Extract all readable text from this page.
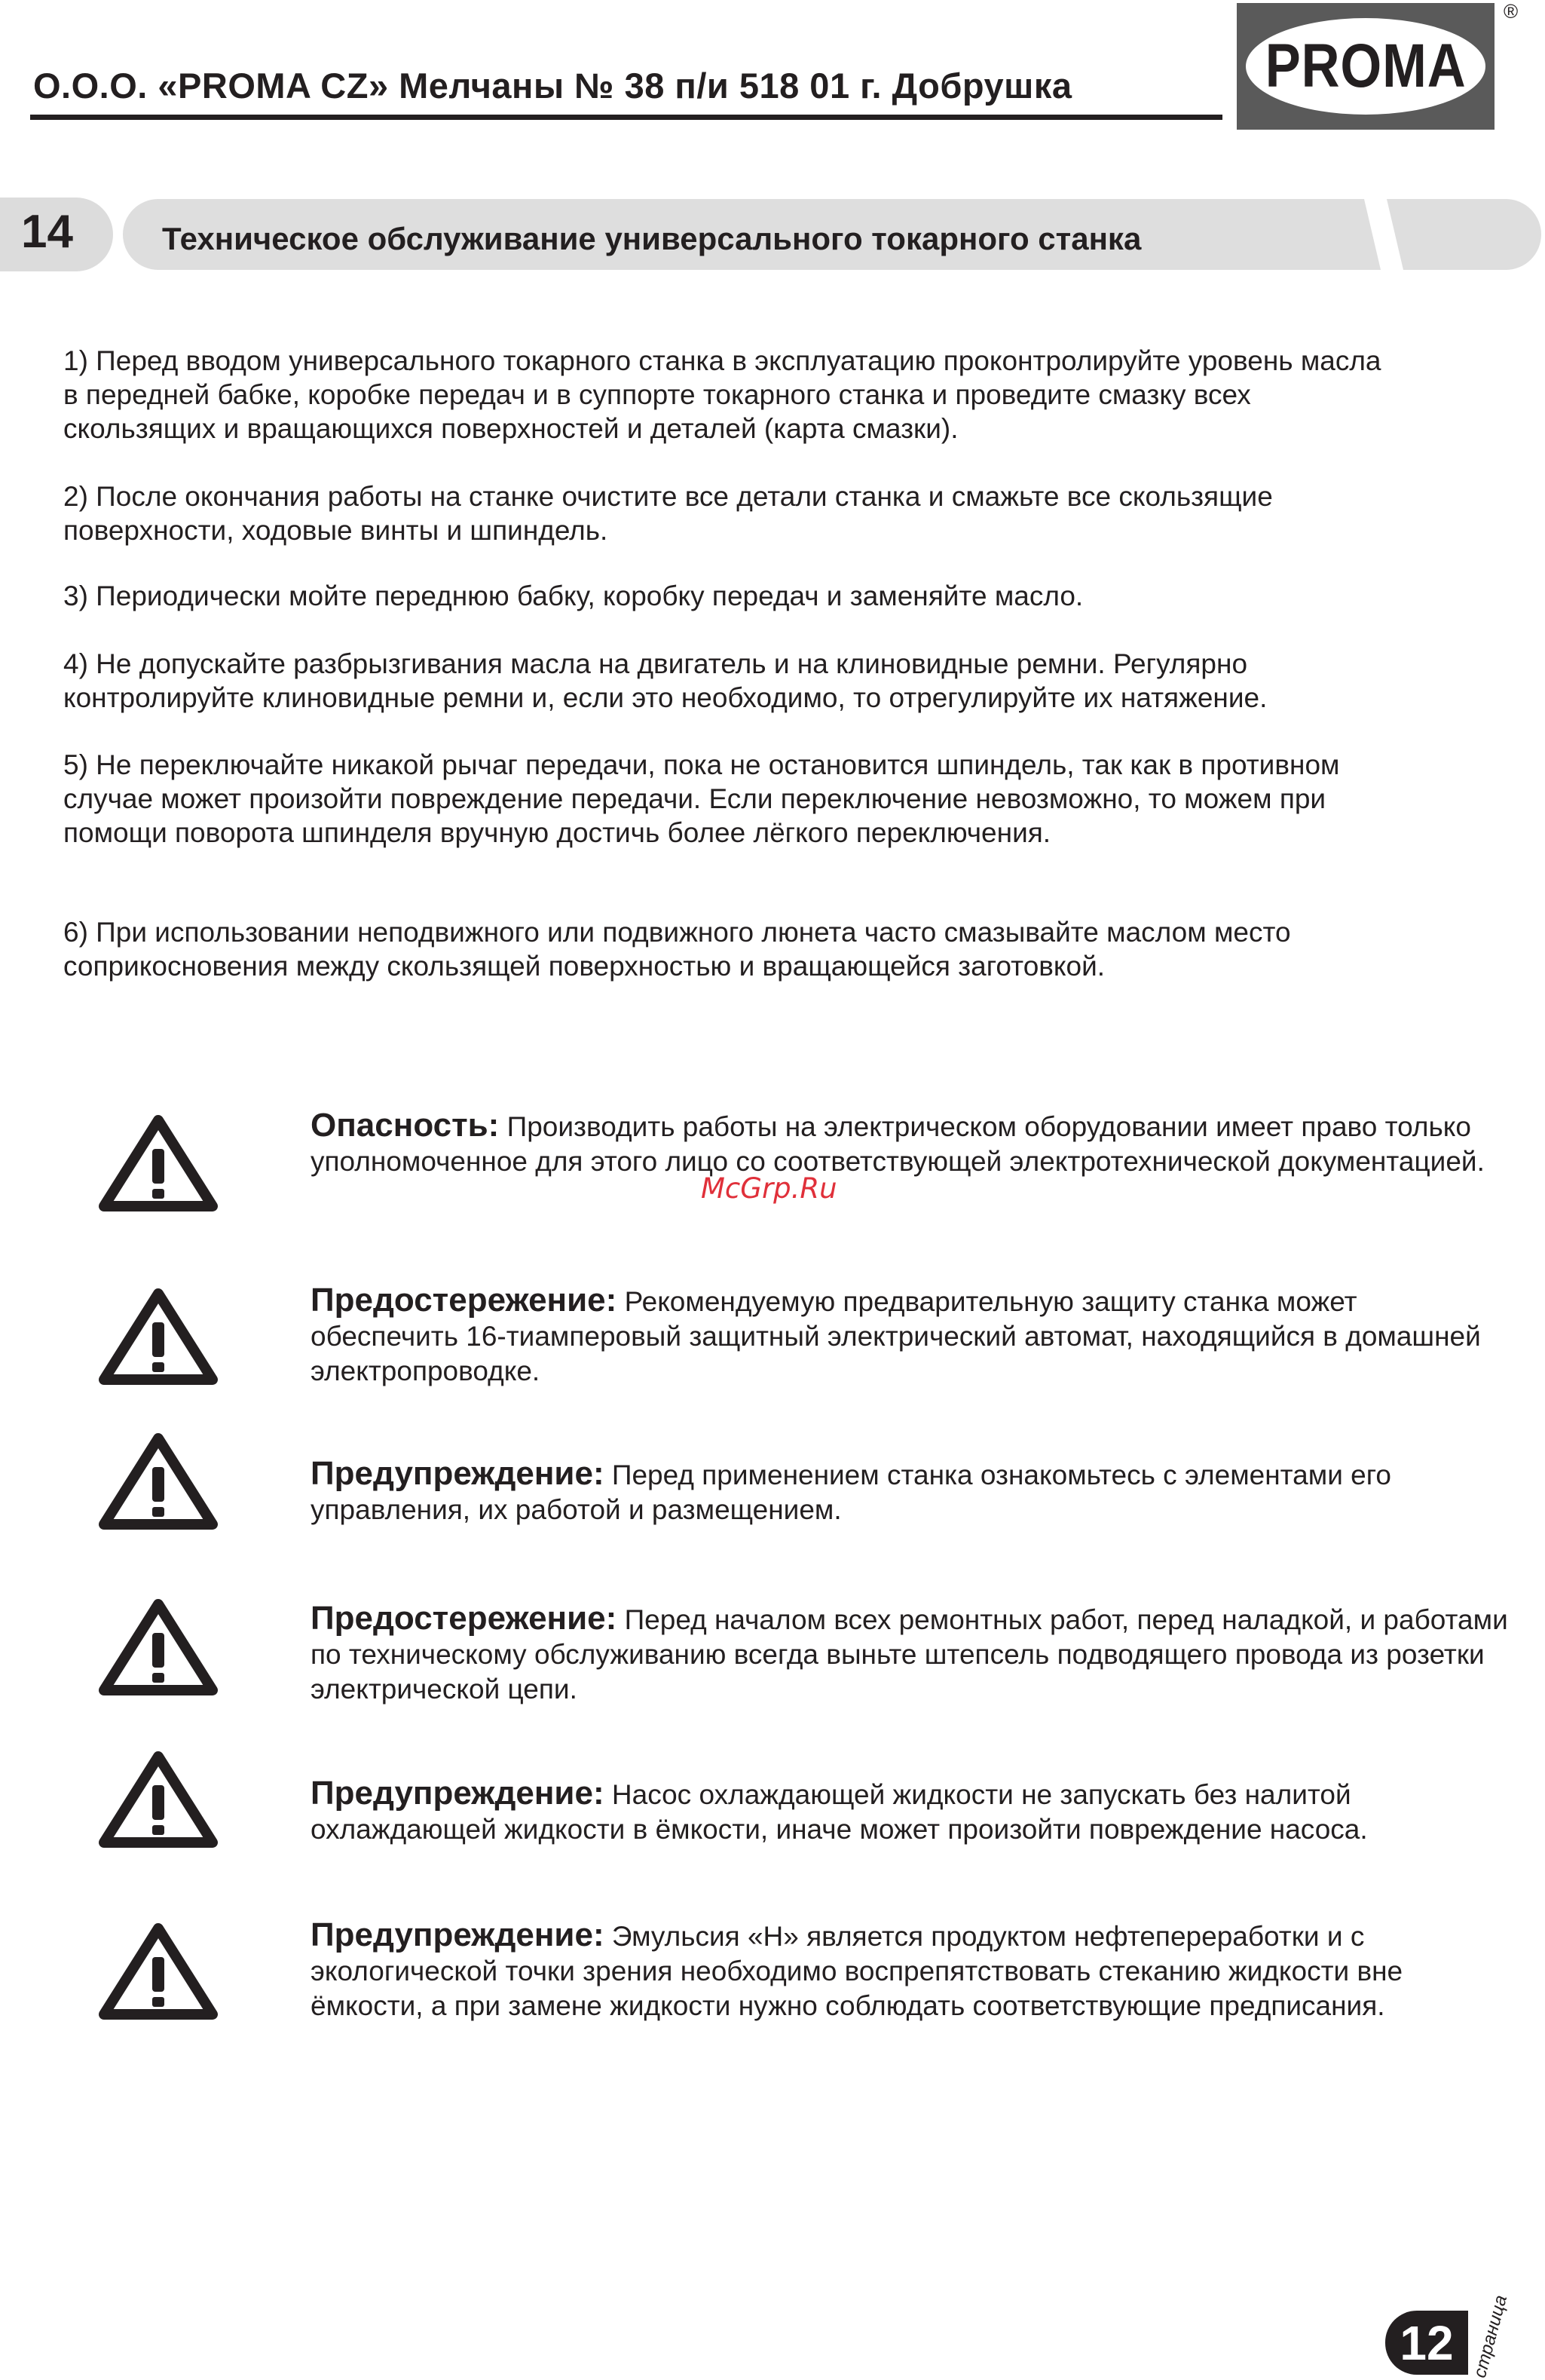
О.О.О. «PROMA CZ» Мелчаны № 38 п/и 518 01 г. Добрушка	PROMA
®
14	Техническое обслуживание универсального токарного станка
1) Перед вводом универсального токарного станка в эксплуатацию проконтролируйте уровень масла в передней бабке, коробке передач и в суппорте токарного станка и проведите смазку всех скользящих и вращающихся поверхностей и деталей (карта смазки).
2) После окончания работы на станке очистите все детали станка и смажьте все скользящие поверхности, ходовые винты и шпиндель.
3) Периодически мойте переднюю бабку, коробку передач и заменяйте масло.
4) Не допускайте разбрызгивания масла на двигатель и на клиновидные ремни. Регулярно контролируйте клиновидные ремни и, если это необходимо, то отрегулируйте их натяжение.
5) Не переключайте никакой рычаг передачи, пока не остановится шпиндель, так как в противном случае может произойти повреждение передачи. Если переключение невозможно, то можем при помощи поворота шпинделя вручную достичь более лёгкого переключения.
6) При использовании неподвижного или подвижного люнета часто смазывайте маслом место соприкосновения между скользящей поверхностью и вращающейся заготовкой.
Опасность: Производить работы на электрическом оборудовании имеет право только уполномоченное для этого лицо со соответствующей электротехнической документацией.
Предостережение: Рекомендуемую предварительную защиту станка может обеспечить 16-тиамперовый защитный электрический автомат, находящийся в домашней электропроводке.
Предупреждение: Перед применением станка ознакомьтесь с элементами его управления, их работой и размещением.
Предостережение: Перед началом всех ремонтных работ, перед наладкой, и работами по техническому обслуживанию всегда выньте штепсель подводящего провода из розетки электрической цепи.
Предупреждение: Насос охлаждающей жидкости не запускать без налитой охлаждающей жидкости в ёмкости, иначе может произойти повреждение насоса.
Предупреждение: Эмульсия «Н» является продуктом нефтепереработки и с экологической точки зрения необходимо воспрепятствовать стеканию жидкости вне ёмкости, а при замене жидкости нужно соблюдать соответствующие предписания.
McGrp.Ru
12 страница
